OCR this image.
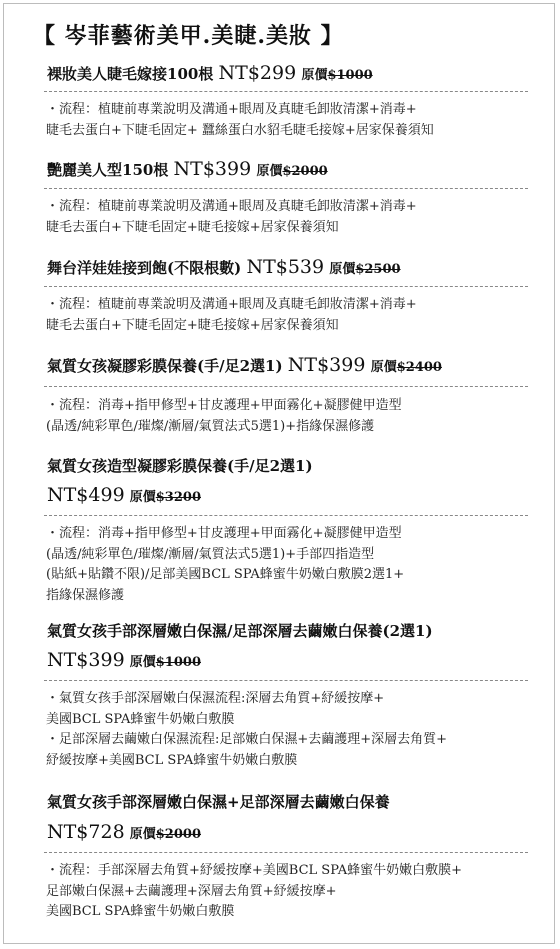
【 岑菲藝術美甲.美睫.美妝 】
裸妝美人睫毛嫁接100根 NT$299 原價$1000
・流程：植睫前專業說明及溝通+眼周及真睫毛卸妝清潔+消毒+
睫毛去蛋白+下睫毛固定+ 蠶絲蛋白水貂毛睫毛接嫁+居家保養須知
艷麗美人型150根 NT$399 原價$2000
・流程：植睫前專業說明及溝通+眼周及真睫毛卸妝清潔+消毒+
睫毛去蛋白+下睫毛固定+睫毛接嫁+居家保養須知
舞台洋娃娃接到飽(不限根數) NT$539 原價$2500
・流程：植睫前專業說明及溝通+眼周及真睫毛卸妝清潔+消毒+
睫毛去蛋白+下睫毛固定+睫毛接嫁+居家保養須知
氣質女孩凝膠彩膜保養(手/足2選1) NT$399 原價$2400
・流程：消毒+指甲修型+甘皮護理+甲面霧化+凝膠健甲造型
(晶透/純彩單色/璀燦/漸層/氣質法式5選1)+指緣保濕修護
氣質女孩造型凝膠彩膜保養(手/足2選1)
NT$499 原價$3200
・流程：消毒+指甲修型+甘皮護理+甲面霧化+凝膠健甲造型
(晶透/純彩單色/璀燦/漸層/氣質法式5選1)+手部四指造型
(貼紙+貼鑽不限)/足部美國BCL SPA蜂蜜牛奶嫩白敷膜2選1+
指緣保濕修護
氣質女孩手部深層嫩白保濕/足部深層去繭嫩白保養(2選1)
NT$399 原價$1000
・氣質女孩手部深層嫩白保濕流程:深層去角質+紓緩按摩+
美國BCL SPA蜂蜜牛奶嫩白敷膜
・足部深層去繭嫩白保濕流程:足部嫩白保濕+去繭護理+深層去角質+
紓緩按摩+美國BCL SPA蜂蜜牛奶嫩白敷膜
氣質女孩手部深層嫩白保濕+足部深層去繭嫩白保養
NT$728 原價$2000
・流程：手部深層去角質+紓緩按摩+美國BCL SPA蜂蜜牛奶嫩白敷膜+
足部嫩白保濕+去繭護理+深層去角質+紓緩按摩+
美國BCL SPA蜂蜜牛奶嫩白敷膜
